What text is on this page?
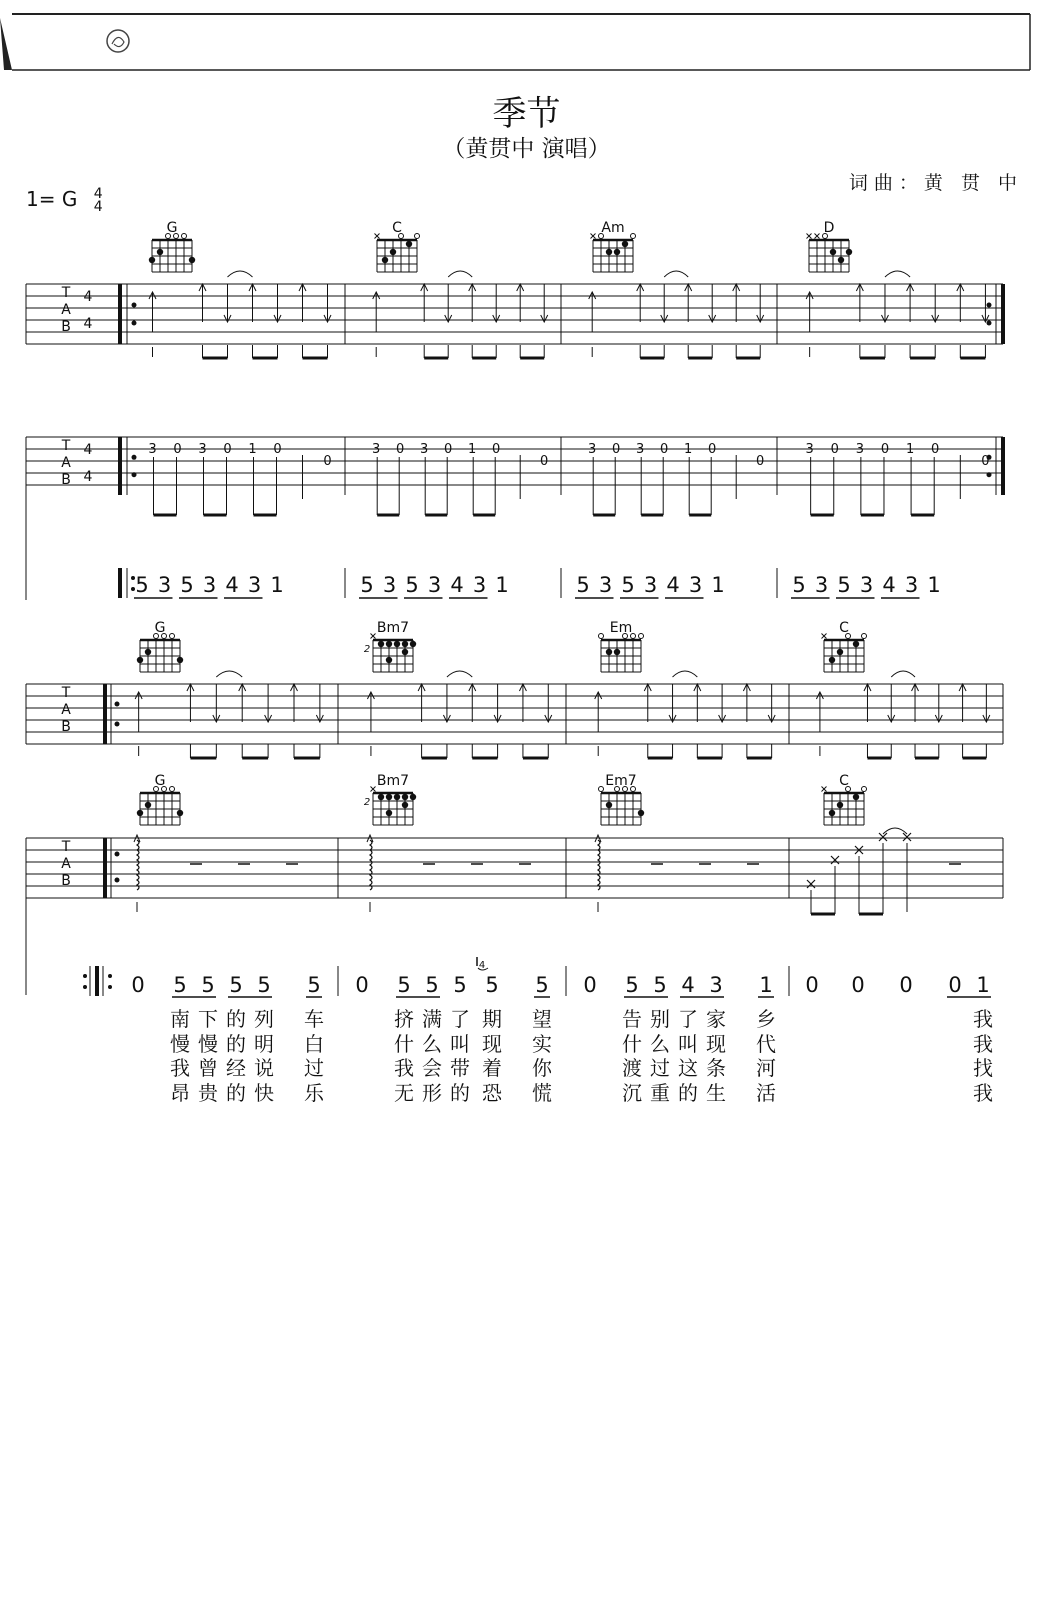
季节
（黄贯中 演唱）
词曲：黄 贯 中
1= G 4
4
3 0 3 0 1 0
0
3 0 3 0 1 0
0
3 0 3 0 1 0
0
3 0 3 0 1 0
0
2
2
4
G	C	Am	D
G	Bm7	Em	C
G	Bm7	Em7	C
T
A
B
4
4
T
A
B
4
4
5 3 5 3 4 3 1	5 3 5 3 4 3 1	5 3 5 3 4 3 1	5 3 5 3 4 3 1
T
A
B
T
A
B
0 5 5 5 5 5 0 5 5 5 5 5 0 5 5 4 3 1 0 0 0 0 1
南 下 的 列 车	挤 满 了 期 望	告 别 了 家 乡	我
慢 慢 的 明 白	什 么 叫 现 实	什 么 叫 现 代	我
我 曾 经 说 过	我 会 带 着 你	渡 过 这 条 河	找
昂 贵 的 快 乐	无 形 的 恐 慌	沉 重 的 生 活	我
